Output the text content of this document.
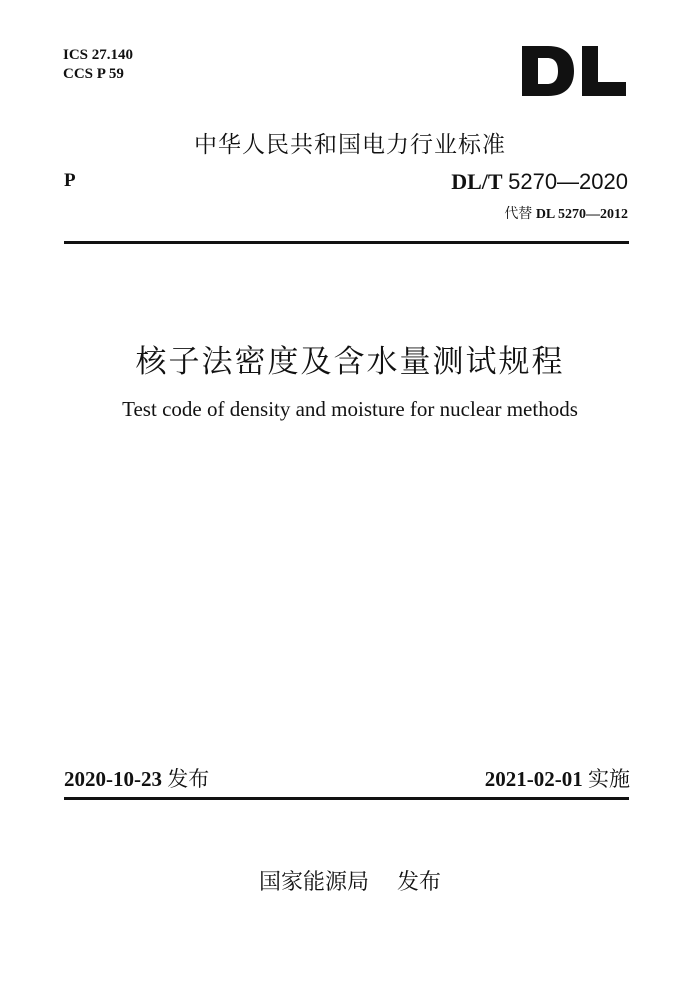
ICS 27.140
CCS P 59
中华人民共和国电力行业标准
P	DL/T 5270—2020
代替 DL 5270—2012
核子法密度及含水量测试规程
Test code of density and moisture for nuclear methods
2020-10-23 发布	2021-02-01 实施
国家能源局 发布
